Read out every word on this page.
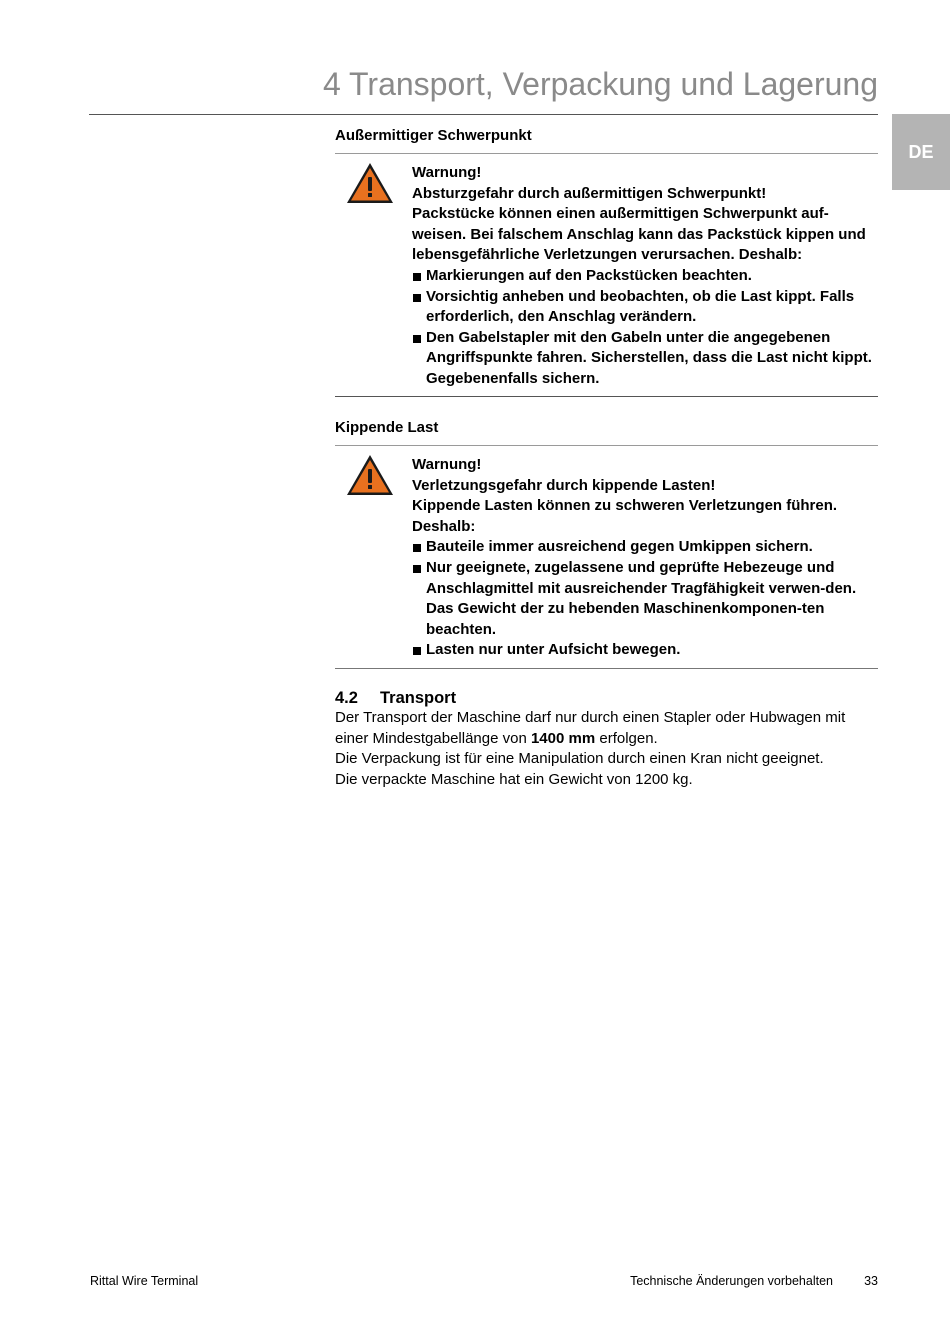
4 Transport, Verpackung und Lagerung
DE
Außermittiger Schwerpunkt

Warnung!

Absturzgefahr durch außermittigen Schwerpunkt!

Packstücke können einen außermittigen Schwerpunkt auf-weisen. Bei falschem Anschlag kann das Packstück kippen und lebensgefährliche Verletzungen verursachen. Deshalb:

Markierungen auf den Packstücken beachten.
Vorsichtig anheben und beobachten, ob die Last kippt. Falls erforderlich, den Anschlag verändern.
Den Gabelstapler mit den Gabeln unter die angegebenen Angriffspunkte fahren. Sicherstellen, dass die Last nicht kippt. Gegebenenfalls sichern.
Kippende Last

Warnung!

Verletzungsgefahr durch kippende Lasten!

Kippende Lasten können zu schweren Verletzungen führen. Deshalb:

Bauteile immer ausreichend gegen Umkippen sichern.
Nur geeignete, zugelassene und geprüfte Hebezeuge und Anschlagmittel mit ausreichender Tragfähigkeit verwen-den. Das Gewicht der zu hebenden Maschinenkomponen-ten beachten.
Lasten nur unter Aufsicht bewegen.
4.2 Transport

Der Transport der Maschine darf nur durch einen Stapler oder Hubwagen mit einer Mindestgabellänge von 1400 mm erfolgen.

Die Verpackung ist für eine Manipulation durch einen Kran nicht geeignet.

Die verpackte Maschine hat ein Gewicht von 1200 kg.

Rittal Wire Terminal	Technische Änderungen vorbehalten 33
